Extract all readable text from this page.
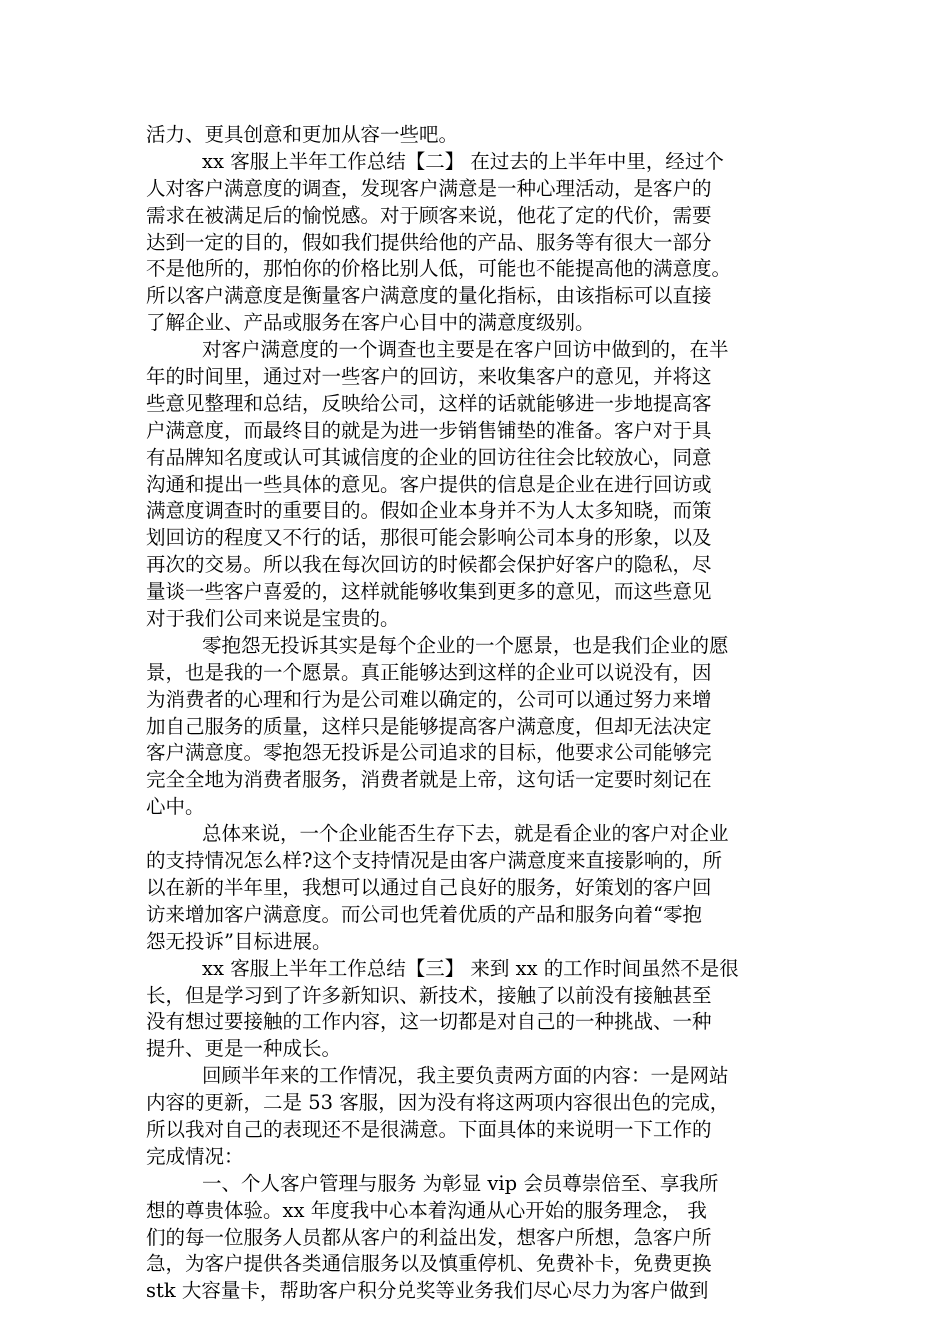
活力、更具创意和更加从容一些吧。
xx 客服上半年工作总结【二】 在过去的上半年中里，经过个
人对客户满意度的调查，发现客户满意是一种心理活动，是客户的
需求在被满足后的愉悦感。对于顾客来说，他花了定的代价，需要
达到一定的目的，假如我们提供给他的产品、服务等有很大一部分
不是他所的，那怕你的价格比别人低，可能也不能提高他的满意度。
所以客户满意度是衡量客户满意度的量化指标，由该指标可以直接
了解企业、产品或服务在客户心目中的满意度级别。
对客户满意度的一个调查也主要是在客户回访中做到的，在半
年的时间里，通过对一些客户的回访，来收集客户的意见，并将这
些意见整理和总结，反映给公司，这样的话就能够进一步地提高客
户满意度，而最终目的就是为进一步销售铺垫的准备。客户对于具
有品牌知名度或认可其诚信度的企业的回访往往会比较放心，同意
沟通和提出一些具体的意见。客户提供的信息是企业在进行回访或
满意度调查时的重要目的。假如企业本身并不为人太多知晓，而策
划回访的程度又不行的话，那很可能会影响公司本身的形象，以及
再次的交易。所以我在每次回访的时候都会保护好客户的隐私，尽
量谈一些客户喜爱的，这样就能够收集到更多的意见，而这些意见
对于我们公司来说是宝贵的。
零抱怨无投诉其实是每个企业的一个愿景，也是我们企业的愿
景，也是我的一个愿景。真正能够达到这样的企业可以说没有，因
为消费者的心理和行为是公司难以确定的，公司可以通过努力来增
加自己服务的质量，这样只是能够提高客户满意度，但却无法决定
客户满意度。零抱怨无投诉是公司追求的目标，他要求公司能够完
完全全地为消费者服务，消费者就是上帝，这句话一定要时刻记在
心中。
总体来说，一个企业能否生存下去，就是看企业的客户对企业
的支持情况怎么样?这个支持情况是由客户满意度来直接影响的，所
以在新的半年里，我想可以通过自己良好的服务，好策划的客户回
访来增加客户满意度。而公司也凭着优质的产品和服务向着“零抱
怨无投诉”目标进展。
xx 客服上半年工作总结【三】 来到 xx 的工作时间虽然不是很
长，但是学习到了许多新知识、新技术，接触了以前没有接触甚至
没有想过要接触的工作内容，这一切都是对自己的一种挑战、一种
提升、更是一种成长。
回顾半年来的工作情况，我主要负责两方面的内容：一是网站
内容的更新，二是 53 客服，因为没有将这两项内容很出色的完成，
所以我对自己的表现还不是很满意。下面具体的来说明一下工作的
完成情况：
一、个人客户管理与服务 为彰显 vip 会员尊崇倍至、享我所
想的尊贵体验。xx 年度我中心本着沟通从心开始的服务理念， 我
们的每一位服务人员都从客户的利益出发，想客户所想，急客户所
急，为客户提供各类通信服务以及慎重停机、免费补卡，免费更换
stk 大容量卡，帮助客户积分兑奖等业务我们尽心尽力为客户做到
